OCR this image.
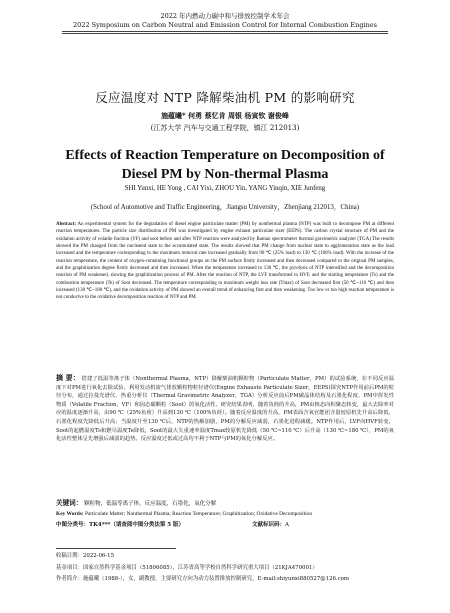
2022 年内燃动力碳中和与排放控制学术年会
2022 Symposium on Carbon Neutral and Emission Control for Internal Combustion Engines
反应温度对 NTP 降解柴油机 PM 的影响研究
施蕴曦* 何勇 蔡忆肯 周银 杨寅钦 谢俊峰
(江苏大学 汽车与交通工程学院，镇江 212013)
Effects of Reaction Temperature on Decomposition of
Diesel PM by Non-thermal Plasma
SHI Yunxi, HE Yong , CAI Yixi, ZHOU Yin, YANG Yinqin, XIE Junfeng
(School of Automotive and Traffic Engineering，Jiangsu University，Zhenjiang 212013，China)
Abstract: An experimental system for the degradation of diesel engine particulate matter (PM) by nonthermal plasma (NTP) was built to decompose PM at different reaction temperatures. The particle size distribution of PM was investigated by engine exhaust particulate sizer (EEPS). The carbon crystal structure of PM and the oxidation activity of volatile fraction (VF) and soot before and after NTP reaction were analyzed by Raman spectrometer thermal gravimetric analyzer (TGA) The results showed the PM changed from the nucleated state to the accumulated state. The results showed that PM change from nuclear state to agglomeration state as the load increased and the temperature corresponding to the maximum removal rate increased gradually from 90 ℃ (25% load) to 130 ℃ (100% load). With the increase of the reaction temperature, the content of oxygen-containing functional groups on the PM surface firstly increased and then decreased compared to the original PM samples, and the graphitization degree firstly decreased and then increased. When the temperature increased to 130 ℃, the pyrolysis of NTP intensified and the decomposition reaction of PM weakened, slowing the graphitization process of PM. After the reaction of NTP, the LVF transformed to HVF, and the starting temperature (Ts) and the combustion temperature (Te) of Soot decreased. The temperature corresponding to maximum weight loss rate (Tmax) of Soot decreased first (50 ℃~110 ℃) and then increased (130 ℃~180 ℃), and the oxidation activity of PM showed an overall trend of enhancing first and then weakening. Too low or too high reaction temperature is not conducive to the oxidative decomposition reaction of NTP and PM.
摘 要： 搭建了低温等离子体（Nonthermal Plasma，NTP）降解柴油机颗粒物（Particulate Matter，PM）的试验系统，在不同反应温度下对PM进行氧化去除试验。利用发动机废气排放颗粒物粒径谱仪(Engine Exhauste Particulate Sizer，EEPS)探究NTP作用前后PM的粒径分布，通过拉曼光谱仪、热重分析仪（Thermal Gravimetric Analyzer，TGA）分析反应前后PM碳晶体结构及石墨化程度、PM中挥发性物质（Volatile Fraction，VF）和固态碳颗粒（Soot）的氧化活性。研究结果表明，随着负荷的升高，PM由核态向积聚态转变，最大去除率对应的温度逐渐升高，由90 ℃（25%负荷）升高到130 ℃（100%负荷）。随着反应温度的升高，PM表面含氧官能团含量较原机先升高后降低，石墨化程度先降低后升高；当温度升至130 ℃后，NTP的热解加剧，PM的分解反应减弱，石墨化进程减缓。NTP作用后，LVF向HVF转变，Soot的起燃温度Ts和燃尽温度Te降低，Soot的最大失重速率温度Tmax较原机先降低（50 ℃~110 ℃）后升高（130 ℃~180 ℃），PM的氧化活性整体呈先增强后减弱的趋势。反应温度过低或过高均不利于NTP与PM的氧化分解反应。
关键词： 颗粒物，低温等离子体，反应温度，石墨化，氧化分解
Key Words: Particulate Matter; Nonthermal Plasma; Reaction Temperature; Graphitization; Oxidative Decomposition
中图分类号：TK4***（请查阅中图分类法第 5 版）	文献标识码：A
收稿日期：2022-06-15
基金项目：国家自然科学基金项目（51806085），江苏省高等学校自然科学研究重大项目（21KJA470001）
作者简介：施蕴曦（1988-），女，副教授，主要研究方向为动力装置排放控制研究。E-mail:shiyunxi880527@126.com
